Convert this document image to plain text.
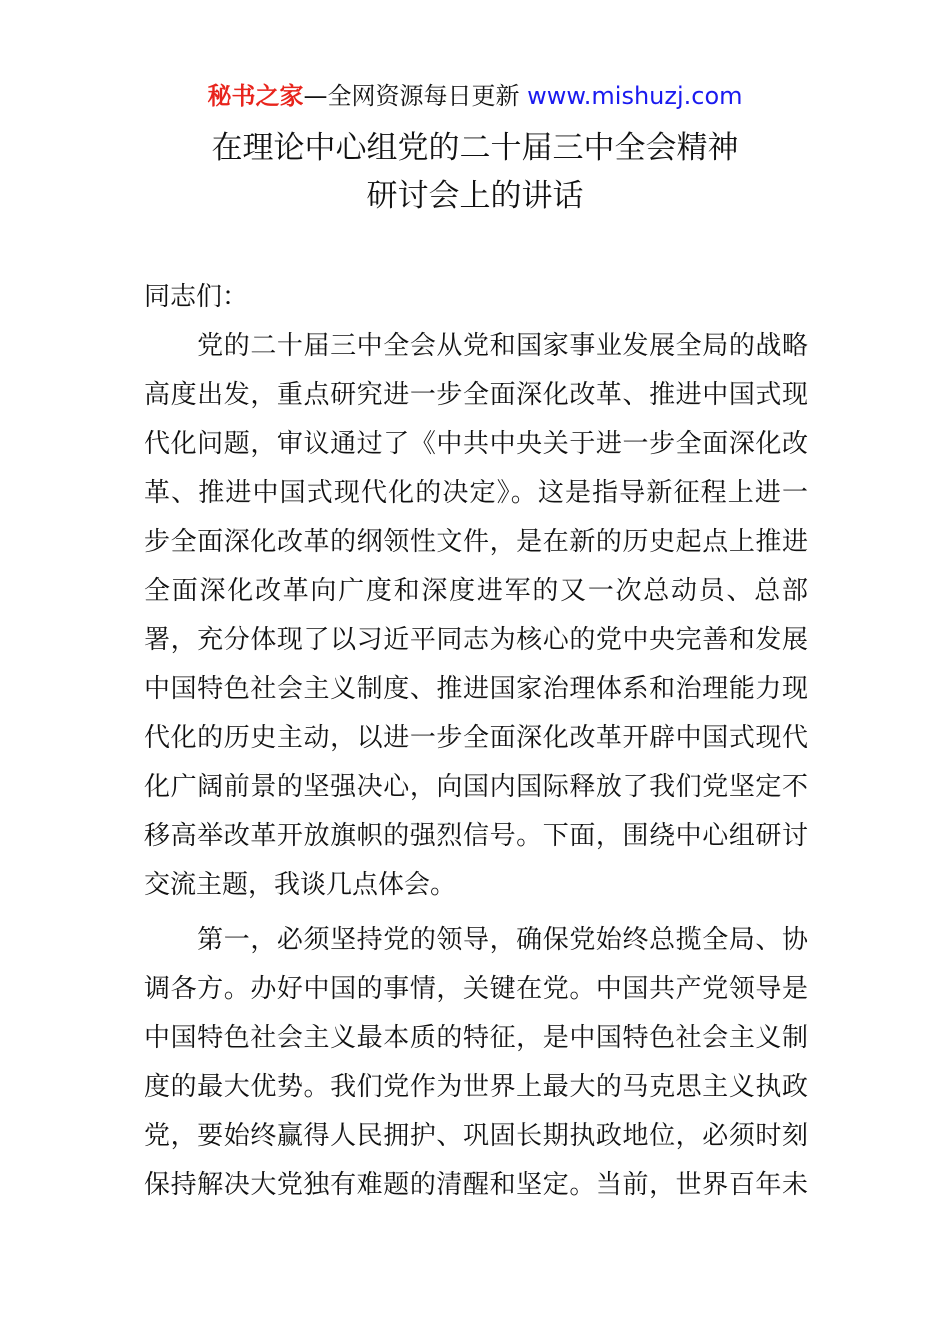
秘书之家—全网资源每日更新 www.mishuzj.com
在理论中心组党的二十届三中全会精神
研讨会上的讲话
同志们：
　　党的二十届三中全会从党和国家事业发展全局的战略
高度出发，重点研究进一步全面深化改革、推进中国式现
代化问题，审议通过了《中共中央关于进一步全面深化改
革、推进中国式现代化的决定》。这是指导新征程上进一
步全面深化改革的纲领性文件，是在新的历史起点上推进
全面深化改革向广度和深度进军的又一次总动员、总部
署，充分体现了以习近平同志为核心的党中央完善和发展
中国特色社会主义制度、推进国家治理体系和治理能力现
代化的历史主动，以进一步全面深化改革开辟中国式现代
化广阔前景的坚强决心，向国内国际释放了我们党坚定不
移高举改革开放旗帜的强烈信号。下面，围绕中心组研讨
交流主题，我谈几点体会。
　　第一，必须坚持党的领导，确保党始终总揽全局、协
调各方。办好中国的事情，关键在党。中国共产党领导是
中国特色社会主义最本质的特征，是中国特色社会主义制
度的最大优势。我们党作为世界上最大的马克思主义执政
党，要始终赢得人民拥护、巩固长期执政地位，必须时刻
保持解决大党独有难题的清醒和坚定。当前，世界百年未
